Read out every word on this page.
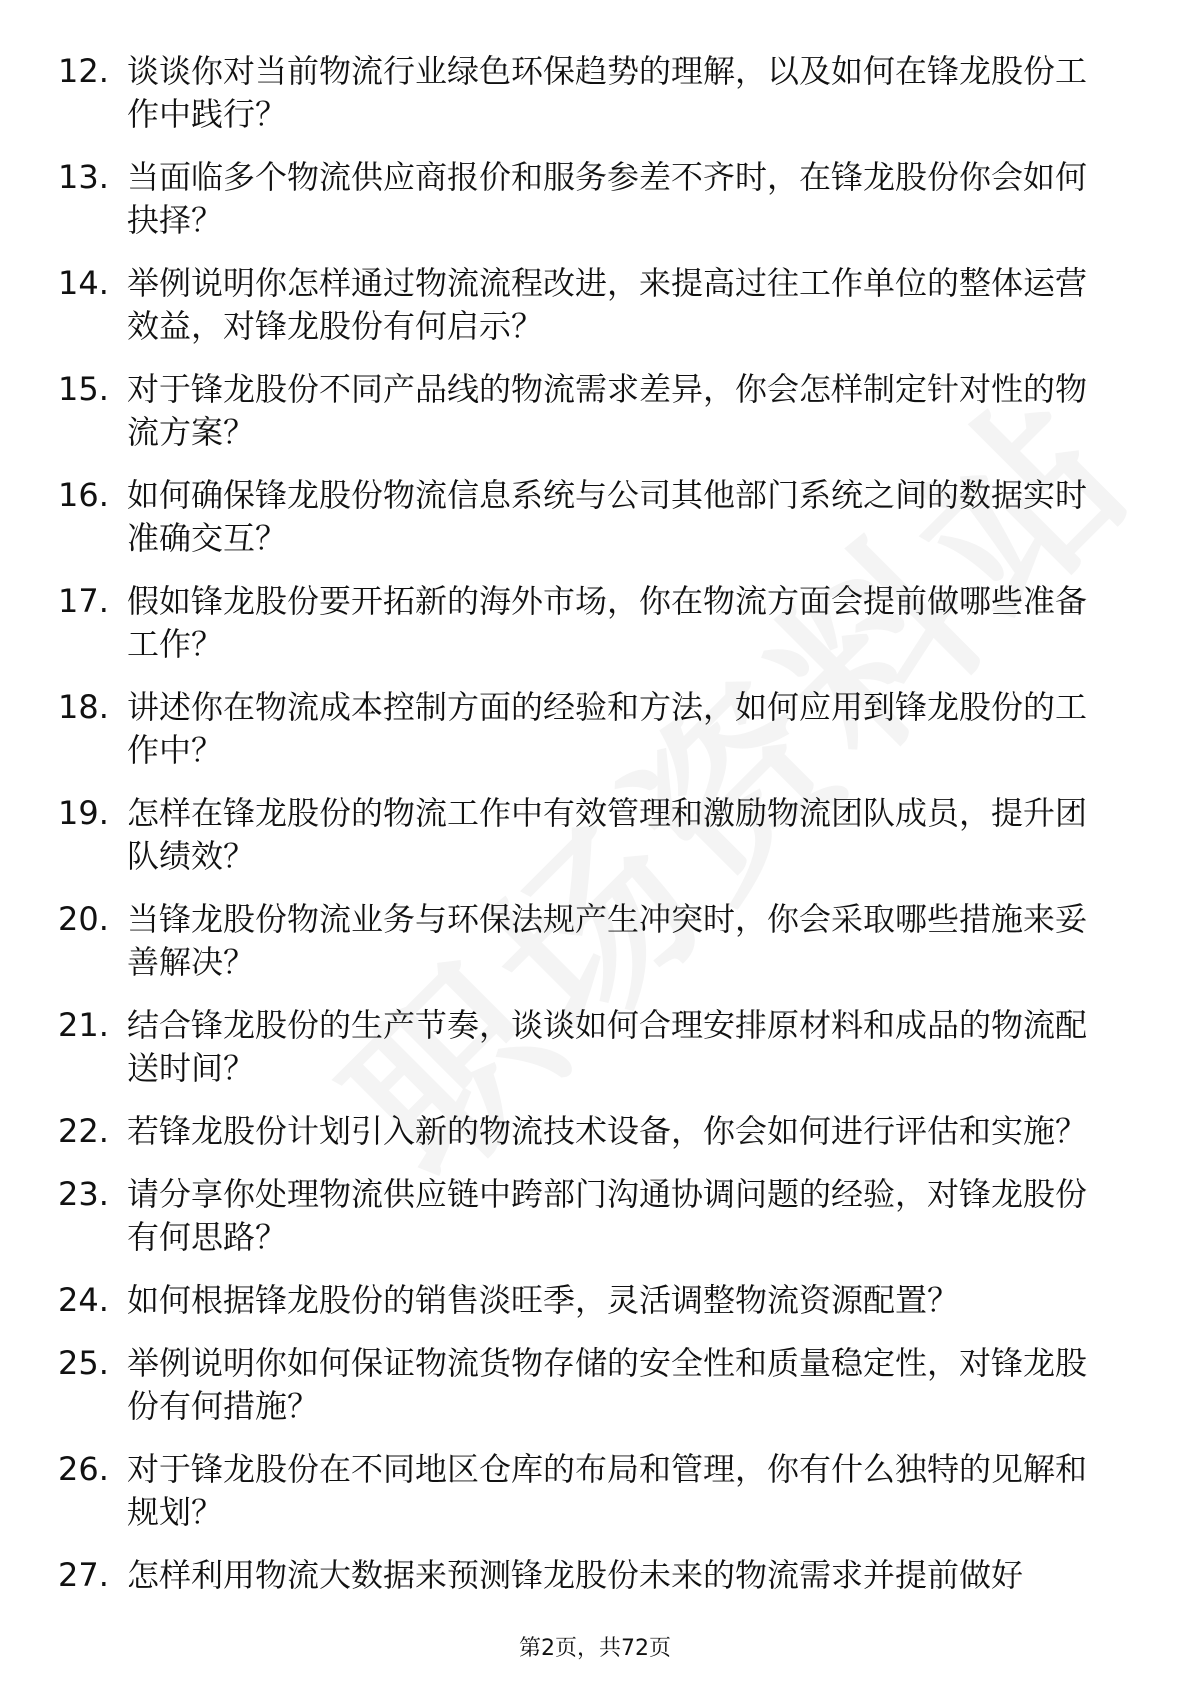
12. 谈谈你对当前物流行业绿色环保趋势的理解，以及如何在锋龙股份工作中践行？
13. 当面临多个物流供应商报价和服务参差不齐时，在锋龙股份你会如何抉择？
14. 举例说明你怎样通过物流流程改进，来提高过往工作单位的整体运营效益，对锋龙股份有何启示？
15. 对于锋龙股份不同产品线的物流需求差异，你会怎样制定针对性的物流方案？
16. 如何确保锋龙股份物流信息系统与公司其他部门系统之间的数据实时准确交互？
17. 假如锋龙股份要开拓新的海外市场，你在物流方面会提前做哪些准备工作？
18. 讲述你在物流成本控制方面的经验和方法，如何应用到锋龙股份的工作中？
19. 怎样在锋龙股份的物流工作中有效管理和激励物流团队成员，提升团队绩效？
20. 当锋龙股份物流业务与环保法规产生冲突时，你会采取哪些措施来妥善解决？
21. 结合锋龙股份的生产节奏，谈谈如何合理安排原材料和成品的物流配送时间？
22. 若锋龙股份计划引入新的物流技术设备，你会如何进行评估和实施？
23. 请分享你处理物流供应链中跨部门沟通协调问题的经验，对锋龙股份有何思路？
24. 如何根据锋龙股份的销售淡旺季，灵活调整物流资源配置？
25. 举例说明你如何保证物流货物存储的安全性和质量稳定性，对锋龙股份有何措施？
26. 对于锋龙股份在不同地区仓库的布局和管理，你有什么独特的见解和规划？
27. 怎样利用物流大数据来预测锋龙股份未来的物流需求并提前做好
第2页，共72页
